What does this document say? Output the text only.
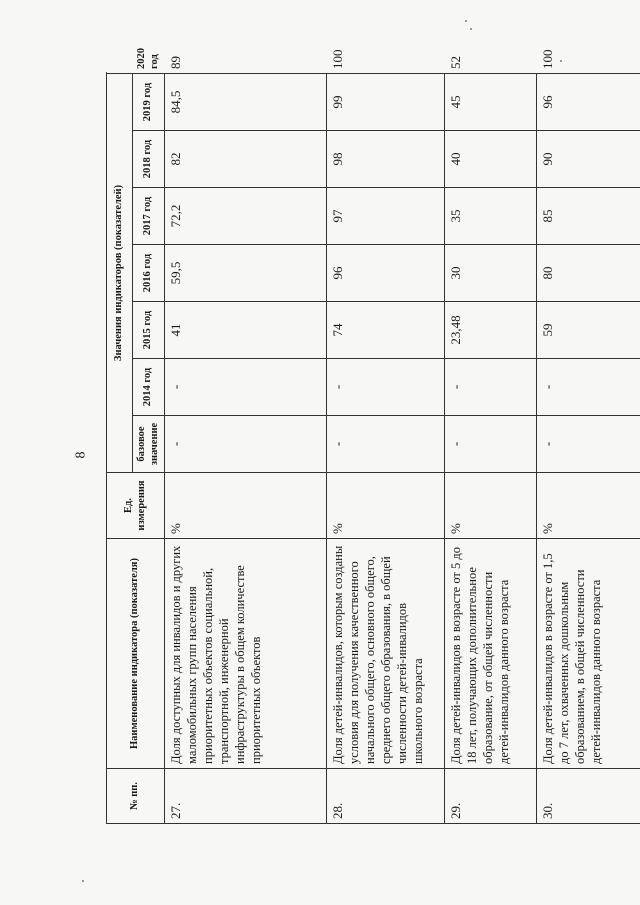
8
№ пп.	Наименование индикатора (показателя)	Ед. измерения	Значения индикаторов (показателей)							
			базовое значение	2014 год	2015 год	2016 год	2017 год	2018 год	2019 год	2020 год
27.	Доля доступных для инвалидов и других маломобильных групп населения приоритетных объектов социальной, транспортной, инженерной инфраструктуры в общем количестве приоритетных объектов	%	-	-	41	59,5	72,2	82	84,5	89
28.	Доля детей-инвалидов, которым созданы условия для получения качественного начального общего, основного общего, среднего общего образования, в общей численности детей-инвалидов школьного возраста	%	-	-	74	96	97	98	99	100
29.	Доля детей-инвалидов в возрасте от 5 до 18 лет, получающих дополнительное образование, от общей численности детей-инвалидов данного возраста	%	-	-	23,48	30	35	40	45	52
30.	Доля детей-инвалидов в возрасте от 1,5 до 7 лет, охваченных дошкольным образованием, в общей численности детей-инвалидов данного возраста	%	-	-	59	80	85	90	96	100
